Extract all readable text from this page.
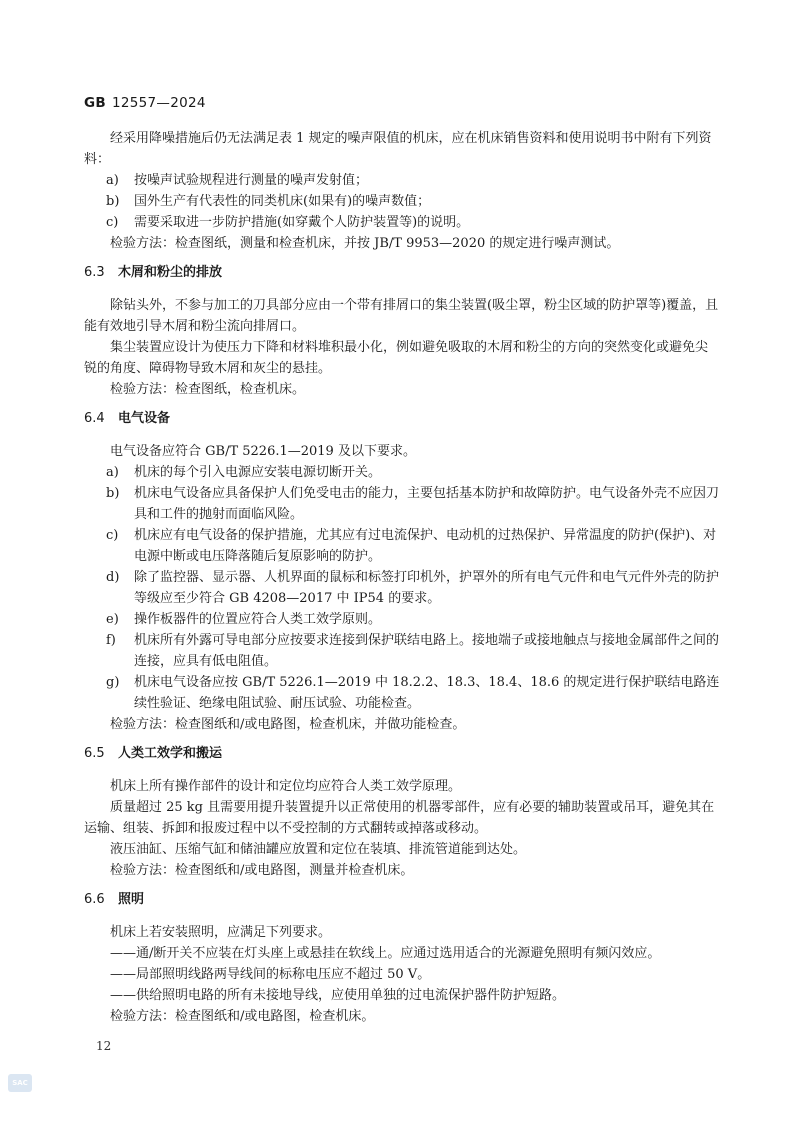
GB 12557—2024

经采用降噪措施后仍无法满足表 1 规定的噪声限值的机床，应在机床销售资料和使用说明书中附有下列资料：

a)	按噪声试验规程进行测量的噪声发射值；
b)	国外生产有代表性的同类机床(如果有)的噪声数值；
c)	需要采取进一步防护措施(如穿戴个人防护装置等)的说明。

检验方法：检查图纸，测量和检查机床，并按 JB/T 9953—2020 的规定进行噪声测试。

6.3 木屑和粉尘的排放

除钻头外，不参与加工的刀具部分应由一个带有排屑口的集尘装置(吸尘罩，粉尘区域的防护罩等)覆盖，且能有效地引导木屑和粉尘流向排屑口。

集尘装置应设计为使压力下降和材料堆积最小化，例如避免吸取的木屑和粉尘的方向的突然变化或避免尖锐的角度、障碍物导致木屑和灰尘的悬挂。

检验方法：检查图纸，检查机床。

6.4 电气设备

电气设备应符合 GB/T 5226.1—2019 及以下要求。

a)	机床的每个引入电源应安装电源切断开关。
b)	机床电气设备应具备保护人们免受电击的能力，主要包括基本防护和故障防护。电气设备外壳不应因刀具和工件的抛射而面临风险。
c)	机床应有电气设备的保护措施，尤其应有过电流保护、电动机的过热保护、异常温度的防护(保护)、对电源中断或电压降落随后复原影响的防护。
d)	除了监控器、显示器、人机界面的鼠标和标签打印机外，护罩外的所有电气元件和电气元件外壳的防护等级应至少符合 GB 4208—2017 中 IP54 的要求。
e)	操作板器件的位置应符合人类工效学原则。
f)	机床所有外露可导电部分应按要求连接到保护联结电路上。接地端子或接地触点与接地金属部件之间的连接，应具有低电阻值。
g)	机床电气设备应按 GB/T 5226.1—2019 中 18.2.2、18.3、18.4、18.6 的规定进行保护联结电路连续性验证、绝缘电阻试验、耐压试验、功能检查。

检验方法：检查图纸和/或电路图，检查机床，并做功能检查。

6.5 人类工效学和搬运

机床上所有操作部件的设计和定位均应符合人类工效学原理。

质量超过 25 kg 且需要用提升装置提升以正常使用的机器零部件，应有必要的辅助装置或吊耳，避免其在运输、组装、拆卸和报废过程中以不受控制的方式翻转或掉落或移动。

液压油缸、压缩气缸和储油罐应放置和定位在装填、排流管道能到达处。

检验方法：检查图纸和/或电路图，测量并检查机床。

6.6 照明

机床上若安装照明，应满足下列要求。

——通/断开关不应装在灯头座上或悬挂在软线上。应通过选用适合的光源避免照明有频闪效应。

——局部照明线路两导线间的标称电压应不超过 50 V。

——供给照明电路的所有未接地导线，应使用单独的过电流保护器件防护短路。

检验方法：检查图纸和/或电路图，检查机床。

12
SAC
